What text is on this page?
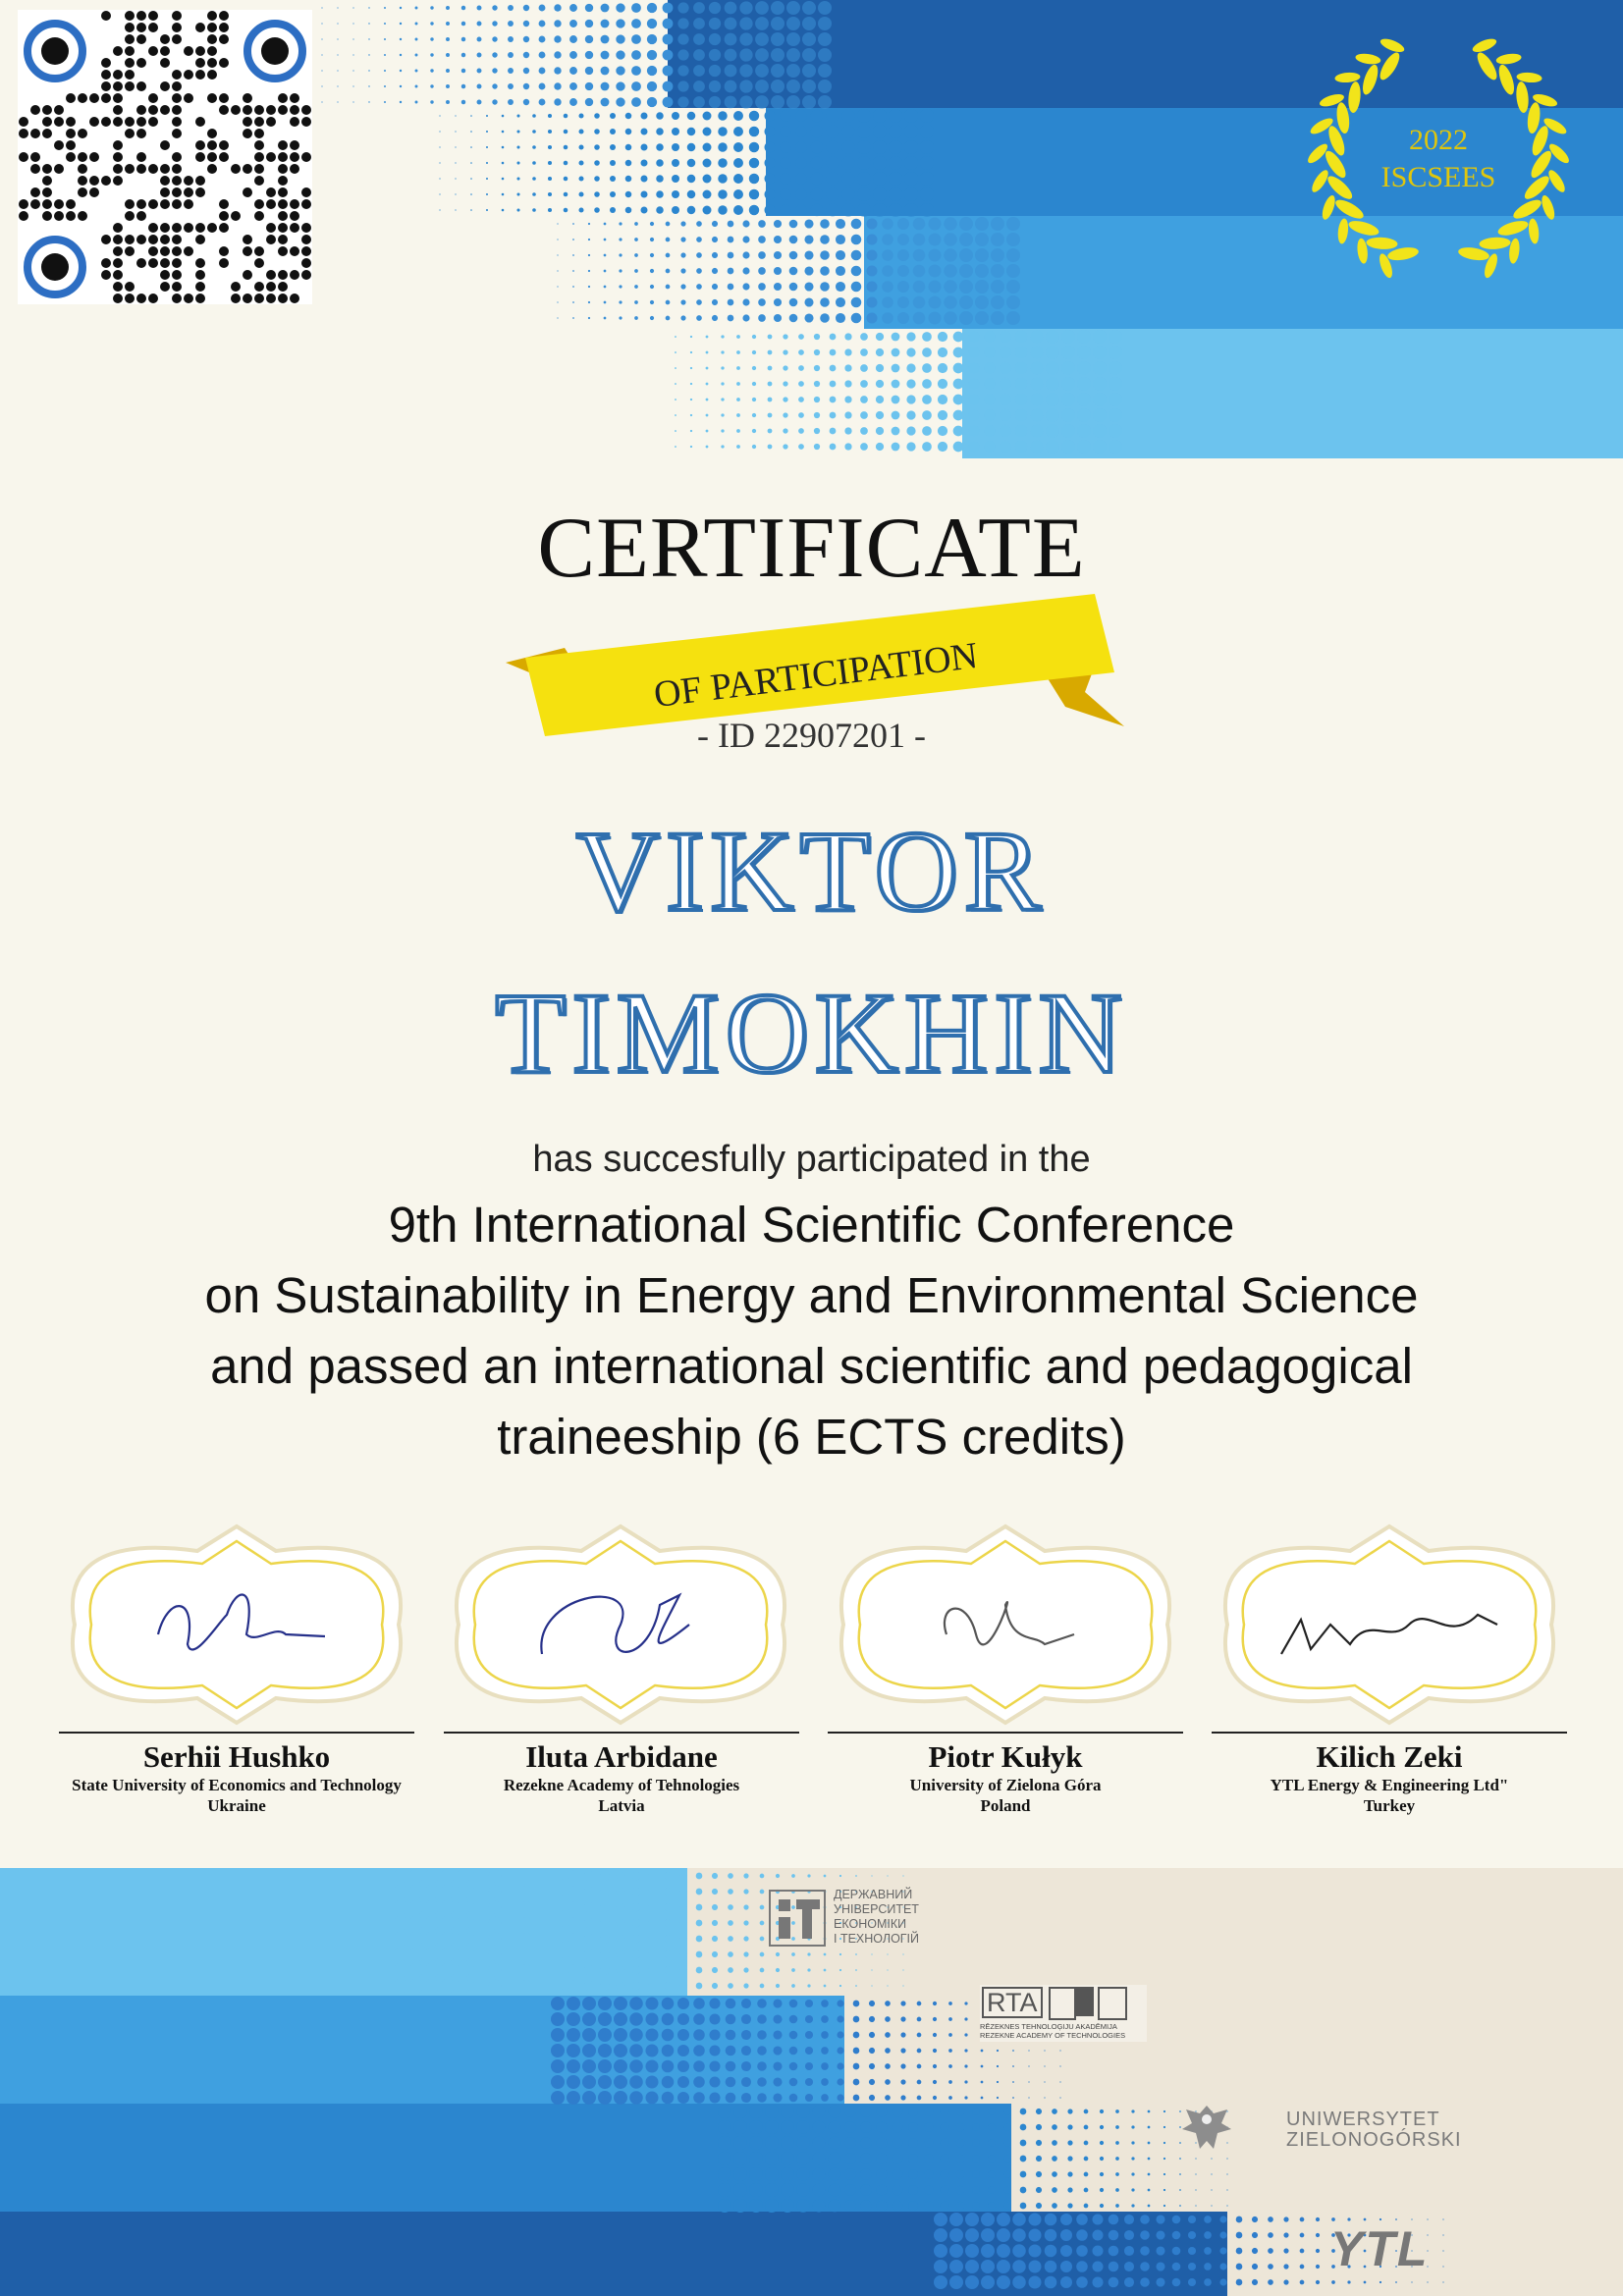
2022
ISCSEES
CERTIFICATE
OF PARTICIPATION
- ID 22907201 -
VIKTOR
TIMOKHIN
has succesfully participated in the
9th International Scientific Conference
on Sustainability in Energy and Environmental Science
and passed an international scientific and pedagogical
traineeship (6 ECTS credits)
Serhii Hushko
State University of Economics and Technology
Ukraine
Iluta Arbidane
Rezekne Academy of Tehnologies
Latvia
Piotr Kułyk
University of Zielona Góra
Poland
Kilich Zeki
YTL Energy & Engineering Ltd"
Turkey
ДЕРЖАВНИЙ
УНІВЕРСИТЕТ
ЕКОНОМІКИ
І ТЕХНОЛОГІЙ
RTA
RĒZEKNES TEHNOLOĢIJU AKADĒMIJA
REZEKNE ACADEMY OF TECHNOLOGIES
UNIWERSYTET
ZIELONOGÓRSKI
YTL
